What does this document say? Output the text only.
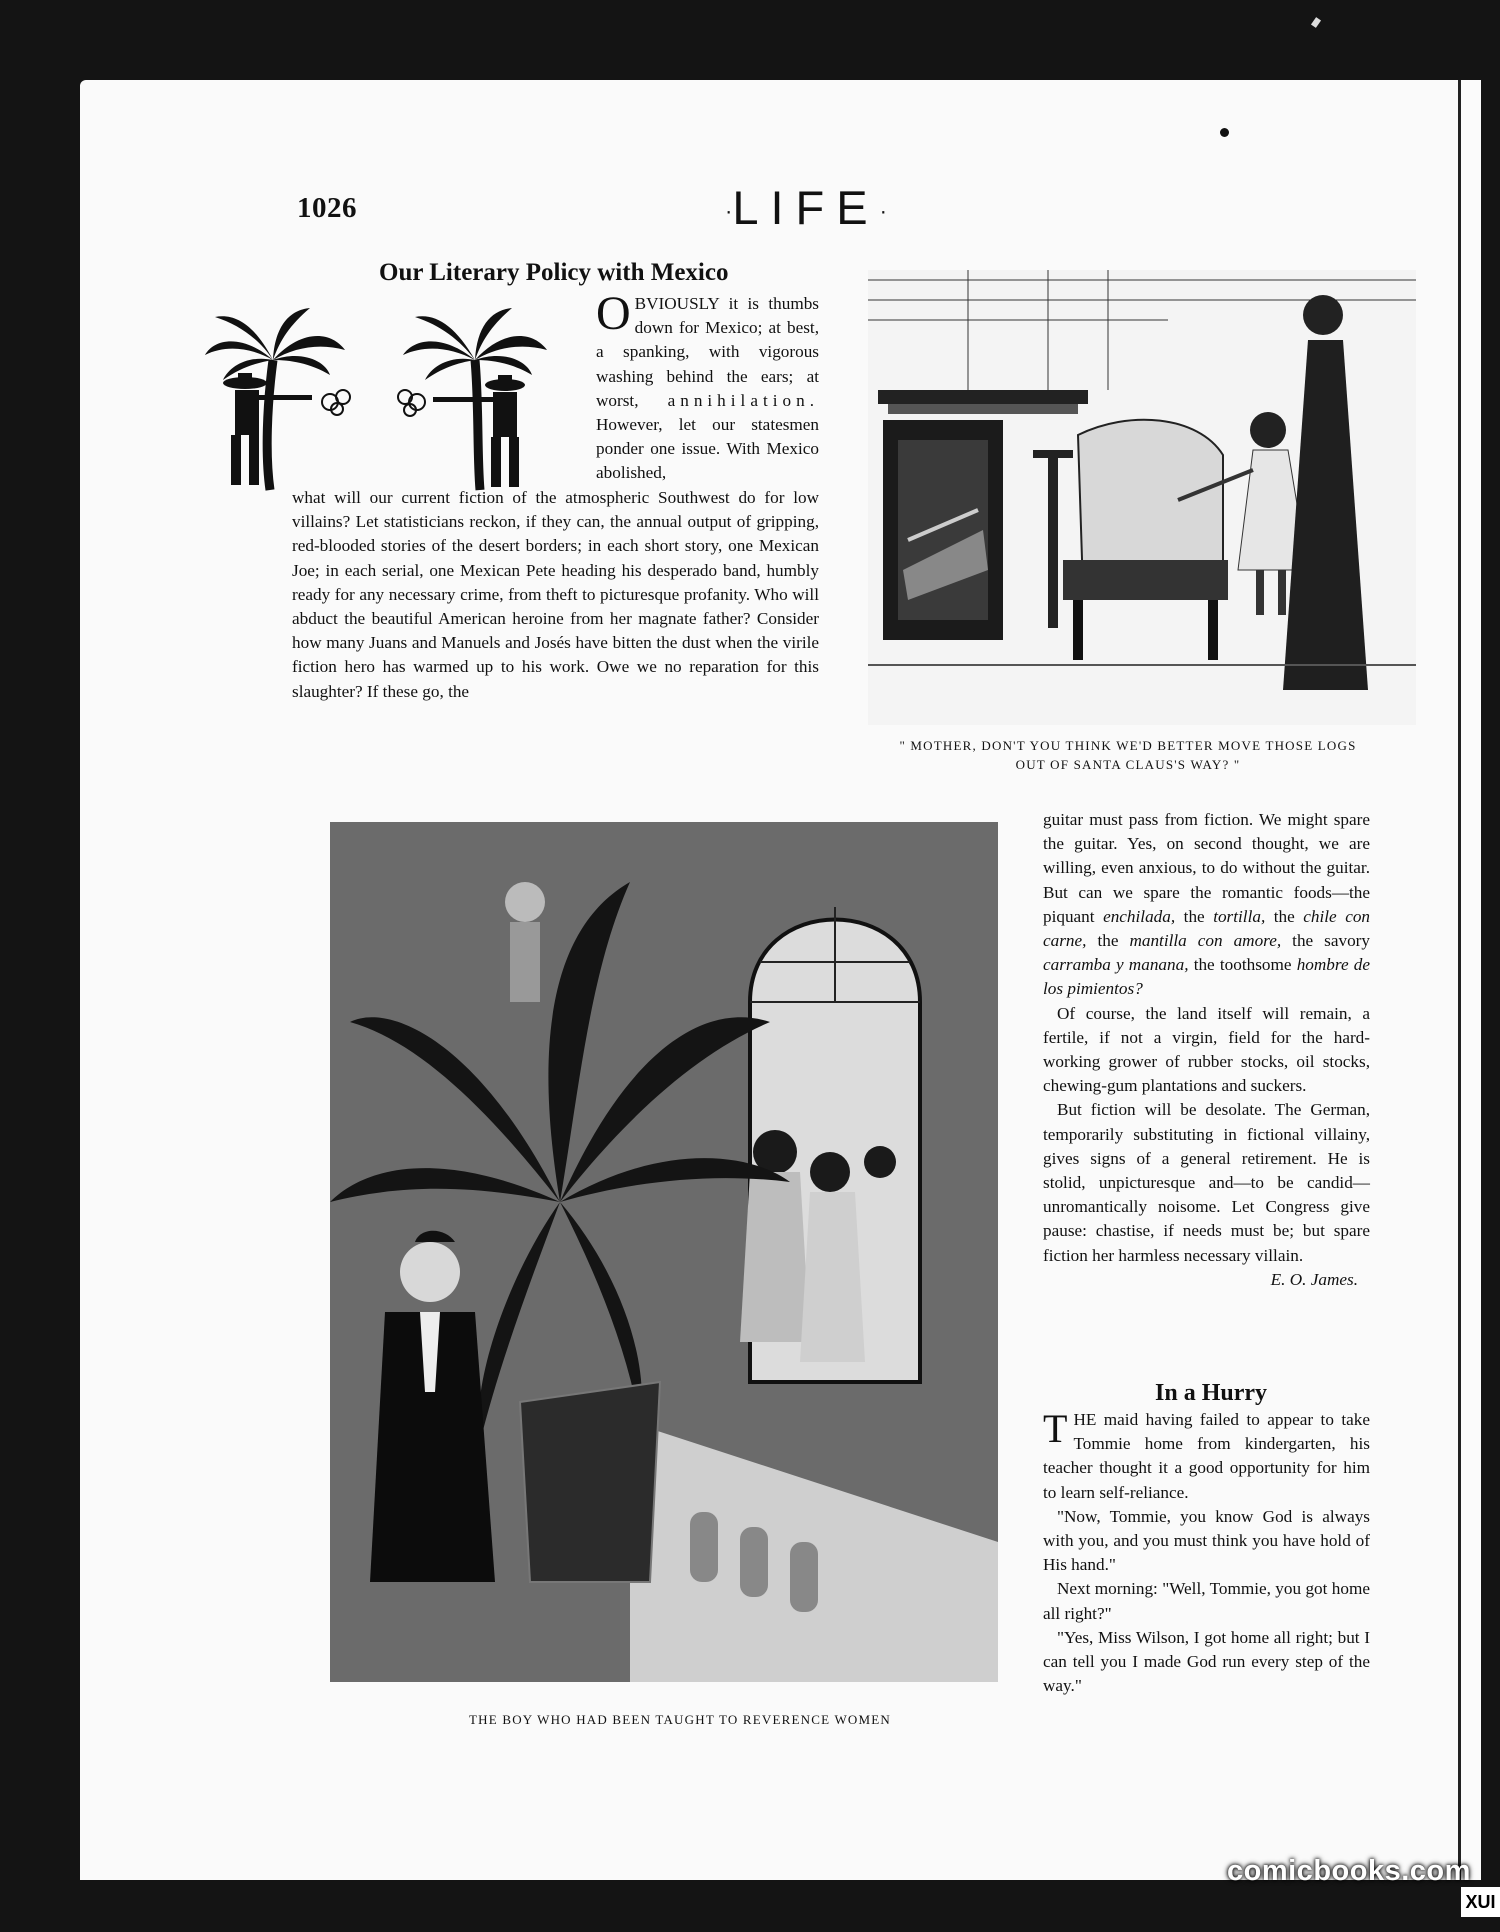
1026	·LIFE·
Our Literary Policy with Mexico

OBVIOUSLY it is thumbs down for Mexico; at best, a spanking, with vigorous washing behind the ears; at worst, annihilation. However, let our statesmen ponder one issue. With Mexico abolished,

what will our current fiction of the atmospheric Southwest do for low villains? Let statisticians reckon, if they can, the annual output of gripping, red-blooded stories of the desert borders; in each short story, one Mexican Joe; in each serial, one Mexican Pete heading his desperado band, humbly ready for any necessary crime, from theft to picturesque profanity. Who will abduct the beautiful American heroine from her magnate father? Consider how many Juans and Manuels and Josés have bitten the dust when the virile fiction hero has warmed up to his work. Owe we no reparation for this slaughter? If these go, the

" MOTHER, DON'T YOU THINK WE'D BETTER MOVE THOSE LOGS
OUT OF SANTA CLAUS'S WAY? "
THE BOY WHO HAD BEEN TAUGHT TO REVERENCE WOMEN

guitar must pass from fiction. We might spare the guitar. Yes, on second thought, we are willing, even anxious, to do without the guitar. But can we spare the romantic foods—the piquant enchilada, the tortilla, the chile con carne, the mantilla con amore, the savory carramba y manana, the toothsome hombre de los pimientos?

Of course, the land itself will remain, a fertile, if not a virgin, field for the hard-working grower of rubber stocks, oil stocks, chewing-gum plantations and suckers.

But fiction will be desolate. The German, temporarily substituting in fictional villainy, gives signs of a general retirement. He is stolid, unpicturesque and—to be candid—unromantically noisome. Let Congress give pause: chastise, if needs must be; but spare fiction her harmless necessary villain.

E. O. James.
In a Hurry

THE maid having failed to appear to take Tommie home from kindergarten, his teacher thought it a good opportunity for him to learn self-reliance.

"Now, Tommie, you know God is always with you, and you must think you have hold of His hand."

Next morning: "Well, Tommie, you got home all right?"

"Yes, Miss Wilson, I got home all right; but I can tell you I made God run every step of the way."

comicbooks.com
XUI
